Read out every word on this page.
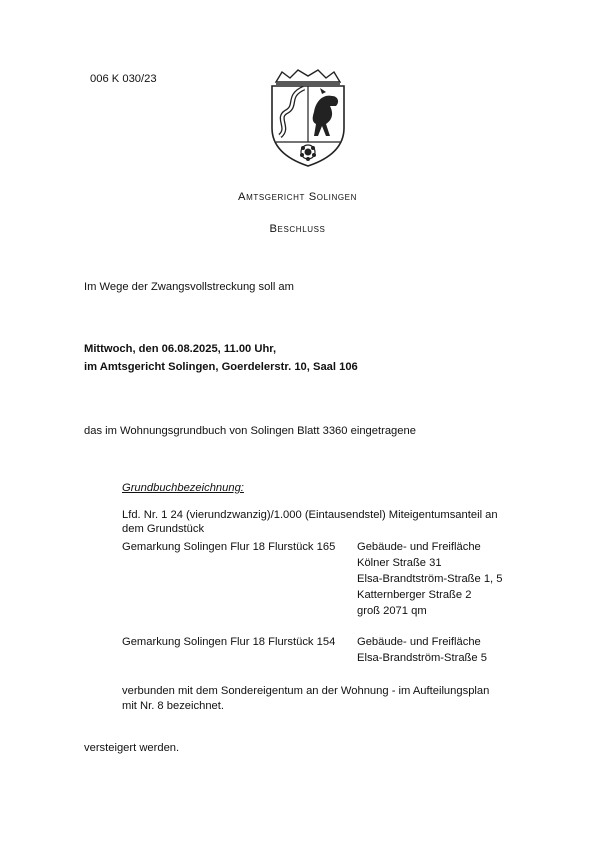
006 K 030/23
Amtsgericht Solingen
Beschluss
Im Wege der Zwangsvollstreckung soll am
Mittwoch, den 06.08.2025, 11.00 Uhr,
im Amtsgericht Solingen, Goerdelerstr. 10, Saal 106
das im Wohnungsgrundbuch von Solingen Blatt 3360 eingetragene
Grundbuchbezeichnung:
Lfd. Nr. 1 24 (vierundzwanzig)/1.000 (Eintausendstel) Miteigentumsanteil an
dem Grundstück
Gemarkung Solingen Flur 18 Flurstück 165 Gebäude- und Freifläche
Kölner Straße 31
Elsa-Brandtström-Straße 1, 5
Katternberger Straße 2
groß 2071 qm
Gemarkung Solingen Flur 18 Flurstück 154 Gebäude- und Freifläche
Elsa-Brandström-Straße 5
verbunden mit dem Sondereigentum an der Wohnung - im Aufteilungsplan
mit Nr. 8 bezeichnet.
versteigert werden.
